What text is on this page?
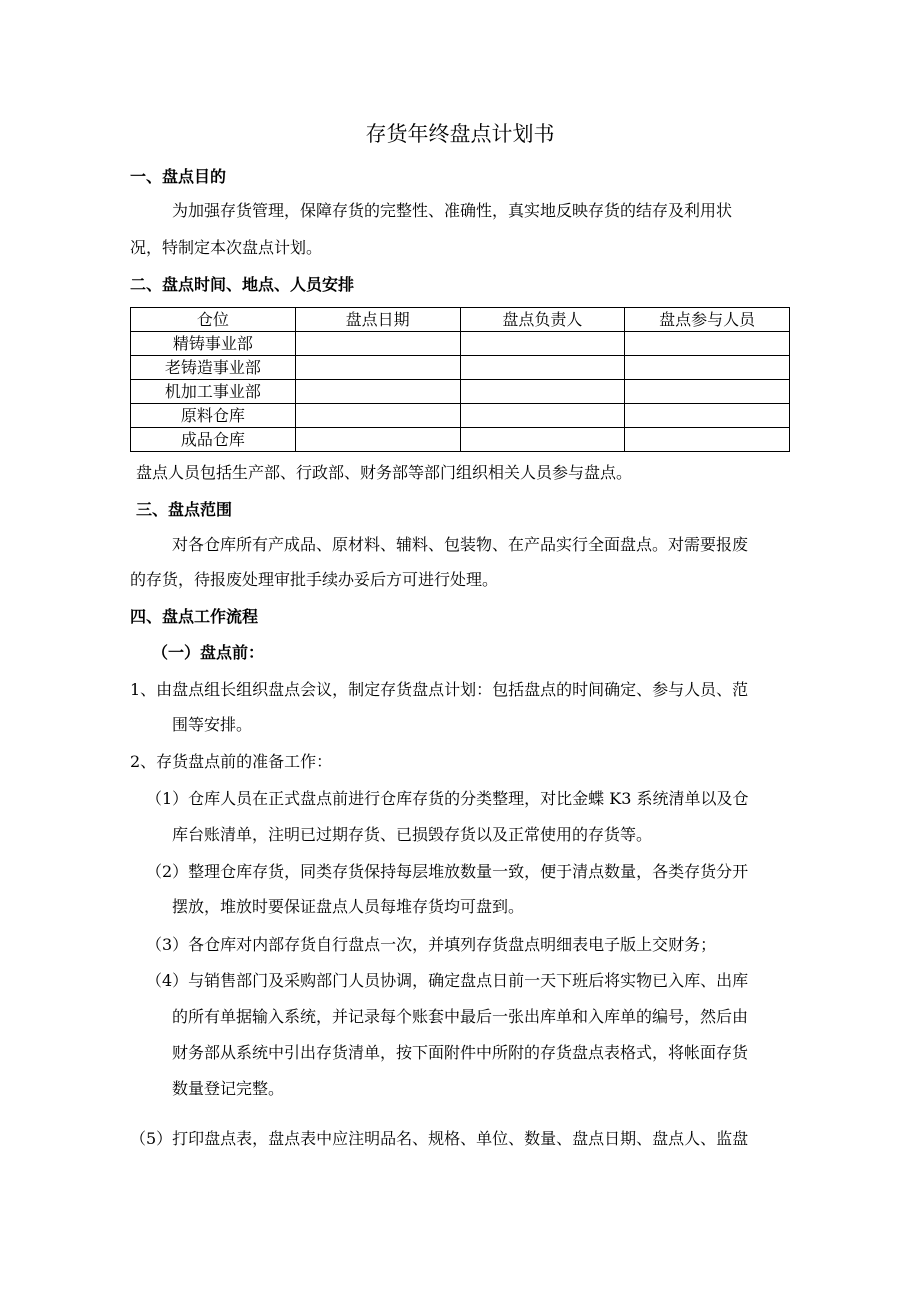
存货年终盘点计划书
一、盘点目的
为加强存货管理，保障存货的完整性、准确性，真实地反映存货的结存及利用状
况，特制定本次盘点计划。
二、盘点时间、地点、人员安排
仓位	盘点日期	盘点负责人	盘点参与人员
精铸事业部			
老铸造事业部			
机加工事业部			
原料仓库			
成品仓库			
盘点人员包括生产部、行政部、财务部等部门组织相关人员参与盘点。
三、盘点范围
对各仓库所有产成品、原材料、辅料、包装物、在产品实行全面盘点。对需要报废
的存货，待报废处理审批手续办妥后方可进行处理。
四、盘点工作流程
（一）盘点前：
1、由盘点组长组织盘点会议，制定存货盘点计划：包括盘点的时间确定、参与人员、范
围等安排。
2、存货盘点前的准备工作：
（1）仓库人员在正式盘点前进行仓库存货的分类整理，对比金蝶 K3 系统清单以及仓
库台账清单，注明已过期存货、已损毁存货以及正常使用的存货等。
（2）整理仓库存货，同类存货保持每层堆放数量一致，便于清点数量，各类存货分开
摆放，堆放时要保证盘点人员每堆存货均可盘到。
（3）各仓库对内部存货自行盘点一次，并填列存货盘点明细表电子版上交财务；
（4）与销售部门及采购部门人员协调，确定盘点日前一天下班后将实物已入库、出库
的所有单据输入系统，并记录每个账套中最后一张出库单和入库单的编号，然后由
财务部从系统中引出存货清单，按下面附件中所附的存货盘点表格式，将帐面存货
数量登记完整。
（5）打印盘点表，盘点表中应注明品名、规格、单位、数量、盘点日期、盘点人、监盘
